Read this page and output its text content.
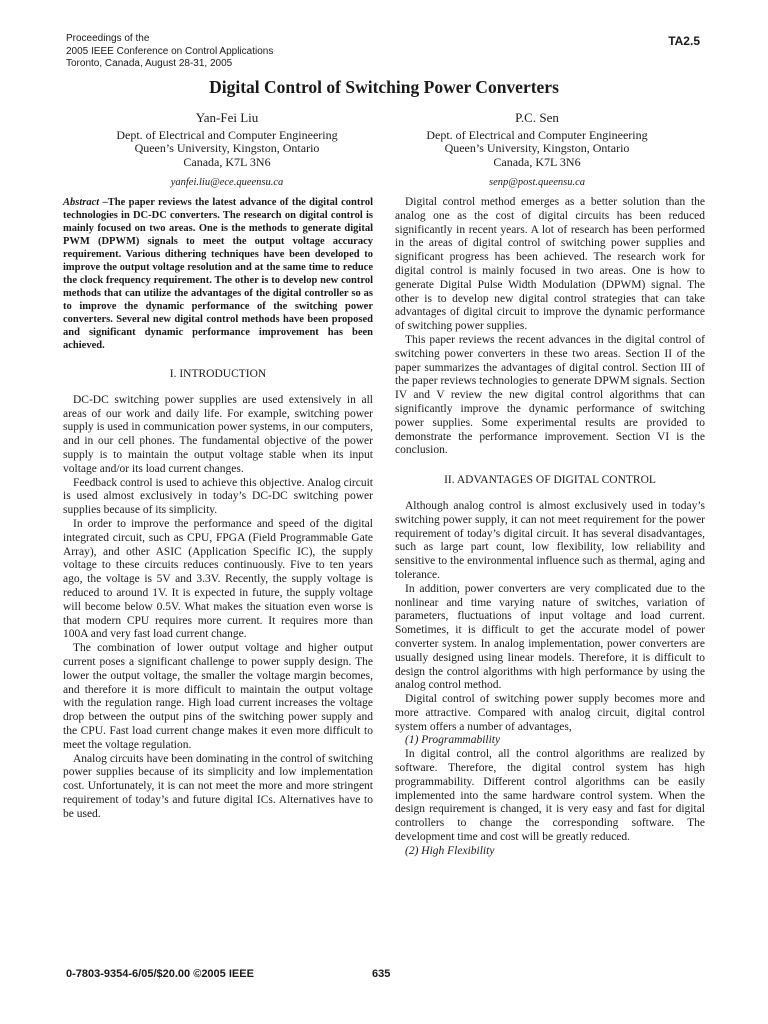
Proceedings of the
2005 IEEE Conference on Control Applications
Toronto, Canada, August 28-31, 2005
TA2.5
Digital Control of Switching Power Converters
Yan-Fei Liu
Dept. of Electrical and Computer Engineering
Queen’s University, Kingston, Ontario
Canada, K7L 3N6
yanfei.liu@ece.queensu.ca
P.C. Sen
Dept. of Electrical and Computer Engineering
Queen’s University, Kingston, Ontario
Canada, K7L 3N6
senp@post.queensu.ca

Abstract –The paper reviews the latest advance of the digital control technologies in DC-DC converters. The research on digital control is mainly focused on two areas. One is the methods to generate digital PWM (DPWM) signals to meet the output voltage accuracy requirement. Various dithering techniques have been developed to improve the output voltage resolution and at the same time to reduce the clock frequency requirement. The other is to develop new control methods that can utilize the advantages of the digital controller so as to improve the dynamic performance of the switching power converters. Several new digital control methods have been proposed and significant dynamic performance improvement has been achieved.

I. INTRODUCTION

DC-DC switching power supplies are used extensively in all areas of our work and daily life. For example, switching power supply is used in communication power systems, in our computers, and in our cell phones. The fundamental objective of the power supply is to maintain the output voltage stable when its input voltage and/or its load current changes.

Feedback control is used to achieve this objective. Analog circuit is used almost exclusively in today’s DC-DC switching power supplies because of its simplicity.

In order to improve the performance and speed of the digital integrated circuit, such as CPU, FPGA (Field Programmable Gate Array), and other ASIC (Application Specific IC), the supply voltage to these circuits reduces continuously. Five to ten years ago, the voltage is 5V and 3.3V. Recently, the supply voltage is reduced to around 1V. It is expected in future, the supply voltage will become below 0.5V. What makes the situation even worse is that modern CPU requires more current. It requires more than 100A and very fast load current change.

The combination of lower output voltage and higher output current poses a significant challenge to power supply design. The lower the output voltage, the smaller the voltage margin becomes, and therefore it is more difficult to maintain the output voltage with the regulation range. High load current increases the voltage drop between the output pins of the switching power supply and the CPU. Fast load current change makes it even more difficult to meet the voltage regulation.

Analog circuits have been dominating in the control of switching power supplies because of its simplicity and low implementation cost. Unfortunately, it is can not meet the more and more stringent requirement of today’s and future digital ICs. Alternatives have to be used.

Digital control method emerges as a better solution than the analog one as the cost of digital circuits has been reduced significantly in recent years. A lot of research has been performed in the areas of digital control of switching power supplies and significant progress has been achieved. The research work for digital control is mainly focused in two areas. One is how to generate Digital Pulse Width Modulation (DPWM) signal. The other is to develop new digital control strategies that can take advantages of digital circuit to improve the dynamic performance of switching power supplies.

This paper reviews the recent advances in the digital control of switching power converters in these two areas. Section II of the paper summarizes the advantages of digital control. Section III of the paper reviews technologies to generate DPWM signals. Section IV and V review the new digital control algorithms that can significantly improve the dynamic performance of switching power supplies. Some experimental results are provided to demonstrate the performance improvement. Section VI is the conclusion.

II. ADVANTAGES OF DIGITAL CONTROL

Although analog control is almost exclusively used in today’s switching power supply, it can not meet requirement for the power requirement of today’s digital circuit. It has several disadvantages, such as large part count, low flexibility, low reliability and sensitive to the environmental influence such as thermal, aging and tolerance.

In addition, power converters are very complicated due to the nonlinear and time varying nature of switches, variation of parameters, fluctuations of input voltage and load current. Sometimes, it is difficult to get the accurate model of power converter system. In analog implementation, power converters are usually designed using linear models. Therefore, it is difficult to design the control algorithms with high performance by using the analog control method.

Digital control of switching power supply becomes more and more attractive. Compared with analog circuit, digital control system offers a number of advantages,

(1) Programmability

In digital control, all the control algorithms are realized by software. Therefore, the digital control system has high programmability. Different control algorithms can be easily implemented into the same hardware control system. When the design requirement is changed, it is very easy and fast for digital controllers to change the corresponding software. The development time and cost will be greatly reduced.

(2) High Flexibility

0-7803-9354-6/05/$20.00 ©2005 IEEE	635
